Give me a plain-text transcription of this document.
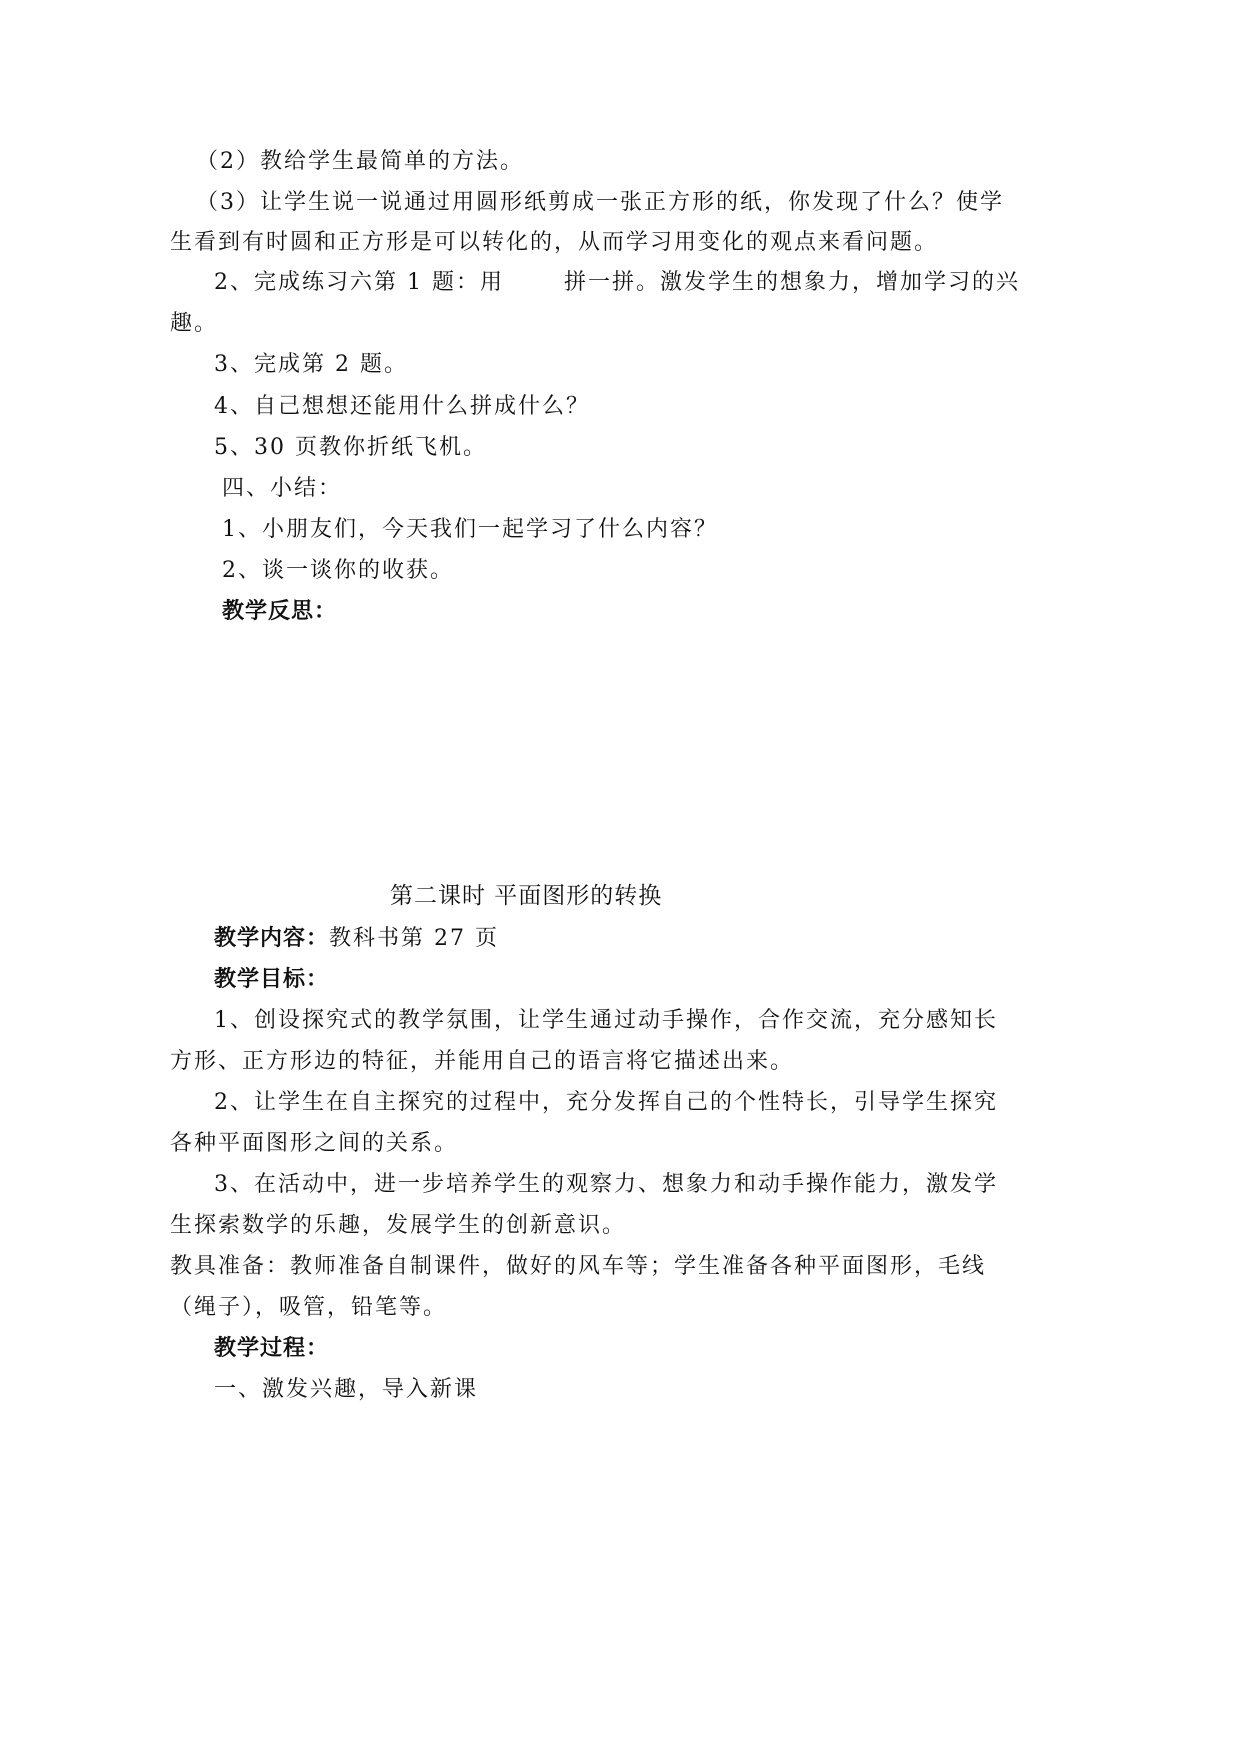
（2）教给学生最简单的方法。
（3）让学生说一说通过用圆形纸剪成一张正方形的纸，你发现了什么？使学
生看到有时圆和正方形是可以转化的，从而学习用变化的观点来看问题。
2、完成练习六第 1 题：用	拼一拼。激发学生的想象力，增加学习的兴
趣。
3、完成第 2 题。
4、自己想想还能用什么拼成什么？
5、30 页教你折纸飞机。
四、小结：
1、小朋友们，今天我们一起学习了什么内容？
2、谈一谈你的收获。
教学反思：
第二课时 平面图形的转换
教学内容：教科书第 27 页
教学目标：
1、创设探究式的教学氛围，让学生通过动手操作，合作交流，充分感知长
方形、正方形边的特征，并能用自己的语言将它描述出来。
2、让学生在自主探究的过程中，充分发挥自己的个性特长，引导学生探究
各种平面图形之间的关系。
3、在活动中，进一步培养学生的观察力、想象力和动手操作能力，激发学
生探索数学的乐趣，发展学生的创新意识。
教具准备：教师准备自制课件，做好的风车等；学生准备各种平面图形，毛线
（绳子），吸管，铅笔等。
教学过程：
一、激发兴趣，导入新课
